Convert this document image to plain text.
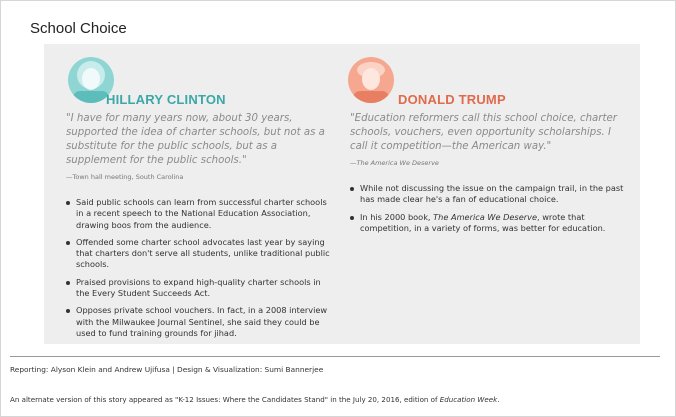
School Choice
HILLARY CLINTON
"I have for many years now, about 30 years, supported the idea of charter schools, but not as a substitute for the public schools, but as a supplement for the public schools."
—Town hall meeting, South Carolina
Said public schools can learn from successful charter schools in a recent speech to the National Education Association, drawing boos from the audience.
Offended some charter school advocates last year by saying that charters don't serve all students, unlike traditional public schools.
Praised provisions to expand high-quality charter schools in the Every Student Succeeds Act.
Opposes private school vouchers. In fact, in a 2008 interview with the Milwaukee Journal Sentinel, she said they could be used to fund training grounds for jihad.
DONALD TRUMP
"Education reformers call this school choice, charter schools, vouchers, even opportunity scholarships. I call it competition—the American way."
—The America We Deserve
While not discussing the issue on the campaign trail, in the past has made clear he's a fan of educational choice.
In his 2000 book, The America We Deserve, wrote that competition, in a variety of forms, was better for education.
Reporting: Alyson Klein and Andrew Ujifusa | Design & Visualization: Sumi Bannerjee
An alternate version of this story appeared as "K-12 Issues: Where the Candidates Stand" in the July 20, 2016, edition of Education Week.
